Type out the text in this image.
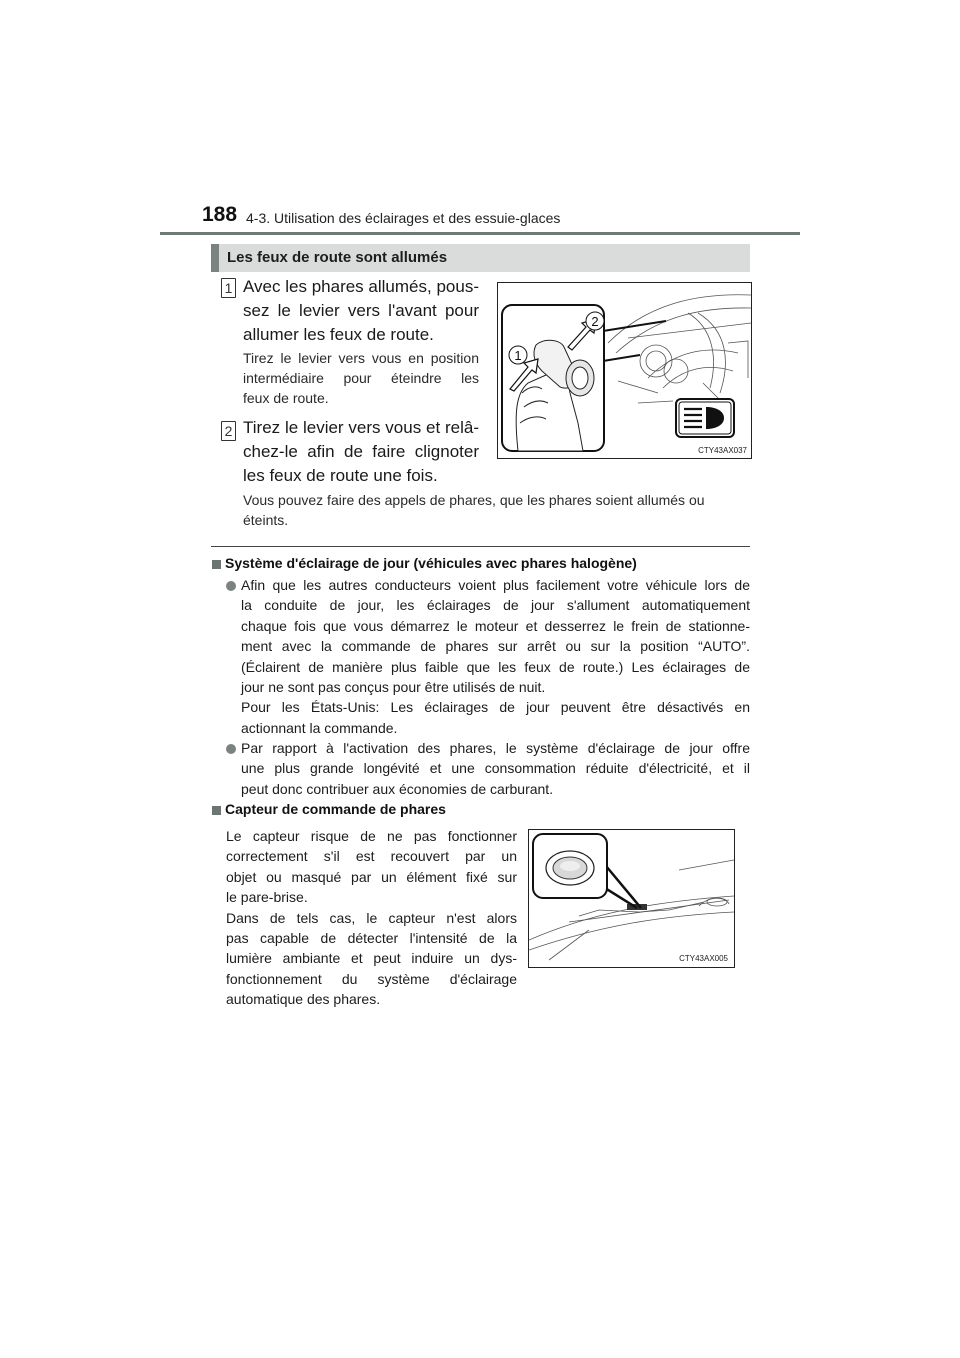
188 4-3. Utilisation des éclairages et des essuie-glaces
Les feux de route sont allumés
1 Avec les phares allumés, pous-
sez le levier vers l'avant pour
allumer les feux de route.
Tirez le levier vers vous en position
intermédiaire pour éteindre les
feux de route.
2 Tirez le levier vers vous et relâ-
chez-le afin de faire clignoter
les feux de route une fois.
Vous pouvez faire des appels de phares, que les phares soient allumés ou
éteints.
1
2
CTY43AX037
Système d'éclairage de jour (véhicules avec phares halogène)
Afin que les autres conducteurs voient plus facilement votre véhicule lors de
la conduite de jour, les éclairages de jour s'allument automatiquement
chaque fois que vous démarrez le moteur et desserrez le frein de stationne-
ment avec la commande de phares sur arrêt ou sur la position “AUTO”.
(Éclairent de manière plus faible que les feux de route.) Les éclairages de
jour ne sont pas conçus pour être utilisés de nuit.
Pour les États-Unis: Les éclairages de jour peuvent être désactivés en
actionnant la commande.
Par rapport à l'activation des phares, le système d'éclairage de jour offre
une plus grande longévité et une consommation réduite d'électricité, et il
peut donc contribuer aux économies de carburant.
Capteur de commande de phares
Le capteur risque de ne pas fonctionner
correctement s'il est recouvert par un
objet ou masqué par un élément fixé sur
le pare-brise.
Dans de tels cas, le capteur n'est alors
pas capable de détecter l'intensité de la
lumière ambiante et peut induire un dys-
fonctionnement du système d'éclairage
automatique des phares.
CTY43AX005
